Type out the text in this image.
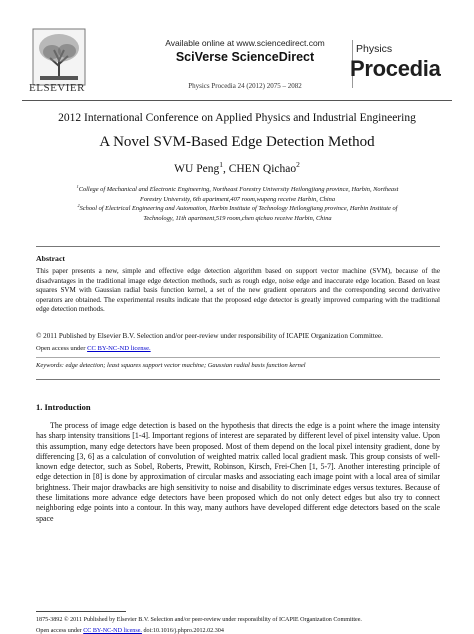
ELSEVIER
Available online at www.sciencedirect.com
SciVerse ScienceDirect
Physics Procedia 24 (2012) 2075 – 2082
Physics
Procedia
2012 International Conference on Applied Physics and Industrial Engineering
A Novel SVM-Based Edge Detection Method
WU Peng$^1$, CHEN Qichao$^2$
$^1$College of Mechanical and Electronic Engineering, Northeast Forestry University Heilongjiang province, Harbin, Northeast
Forestry University, 6th apartment,407 room,wupeng receive Harbin, China
$^2$School of Electrical Engineering and Automation, Harbin Institute of Technology Heilongjiang province, Harbin Institute of
Technology, 11th apartment,519 room,chen qichao receive Harbin, China
Abstract
This paper presents a new, simple and effective edge detection algorithm based on support vector machine (SVM), because of the disadvantages in the traditional image edge detection methods, such as rough edge, noise edge and inaccurate edge location. Based on least squares SVM with Gaussian radial basis function kernel, a set of the new gradient operators and the corresponding second derivative operators are obtained. The experimental results indicate that the proposed edge detector is greatly improved comparing with the traditional edge detection methods.
© 2011 Published by Elsevier B.V. Selection and/or peer-review under responsibility of ICAPIE Organization Committee.
Open access under CC BY-NC-ND license.
Keywords: edge detection; least squares support vector machine; Gaussian radial basis function kernel
1. Introduction
The process of image edge detection is based on the hypothesis that directs the edge is a point where the image intensity has sharp intensity transitions [1-4]. Important regions of interest are separated by different level of pixel intensity value. Upon this assumption, many edge detectors have been proposed. Most of them depend on the local pixel intensity gradient, done by differencing [3, 6] as a calculation of convolution of weighted matrix called local gradient mask. This group consists of well-known edge detector, such as Sobel, Roberts, Prewitt, Robinson, Kirsch, Frei-Chen [1, 5-7]. Another interesting principle of edge detection in [8] is done by approximation of circular masks and associating each image point with a local area of similar brightness. Their major drawbacks are high sensitivity to noise and disability to discriminate edges versus textures. Because of these limitations more advance edge detectors have been proposed which do not only detect edges but also try to connect neighboring edge points into a contour. In this way, many authors have developed different edge detectors based on the scale space
1875-3892 © 2011 Published by Elsevier B.V. Selection and/or peer-review under responsibility of ICAPIE Organization Committee.
Open access under CC BY-NC-ND license. doi:10.1016/j.phpro.2012.02.304
